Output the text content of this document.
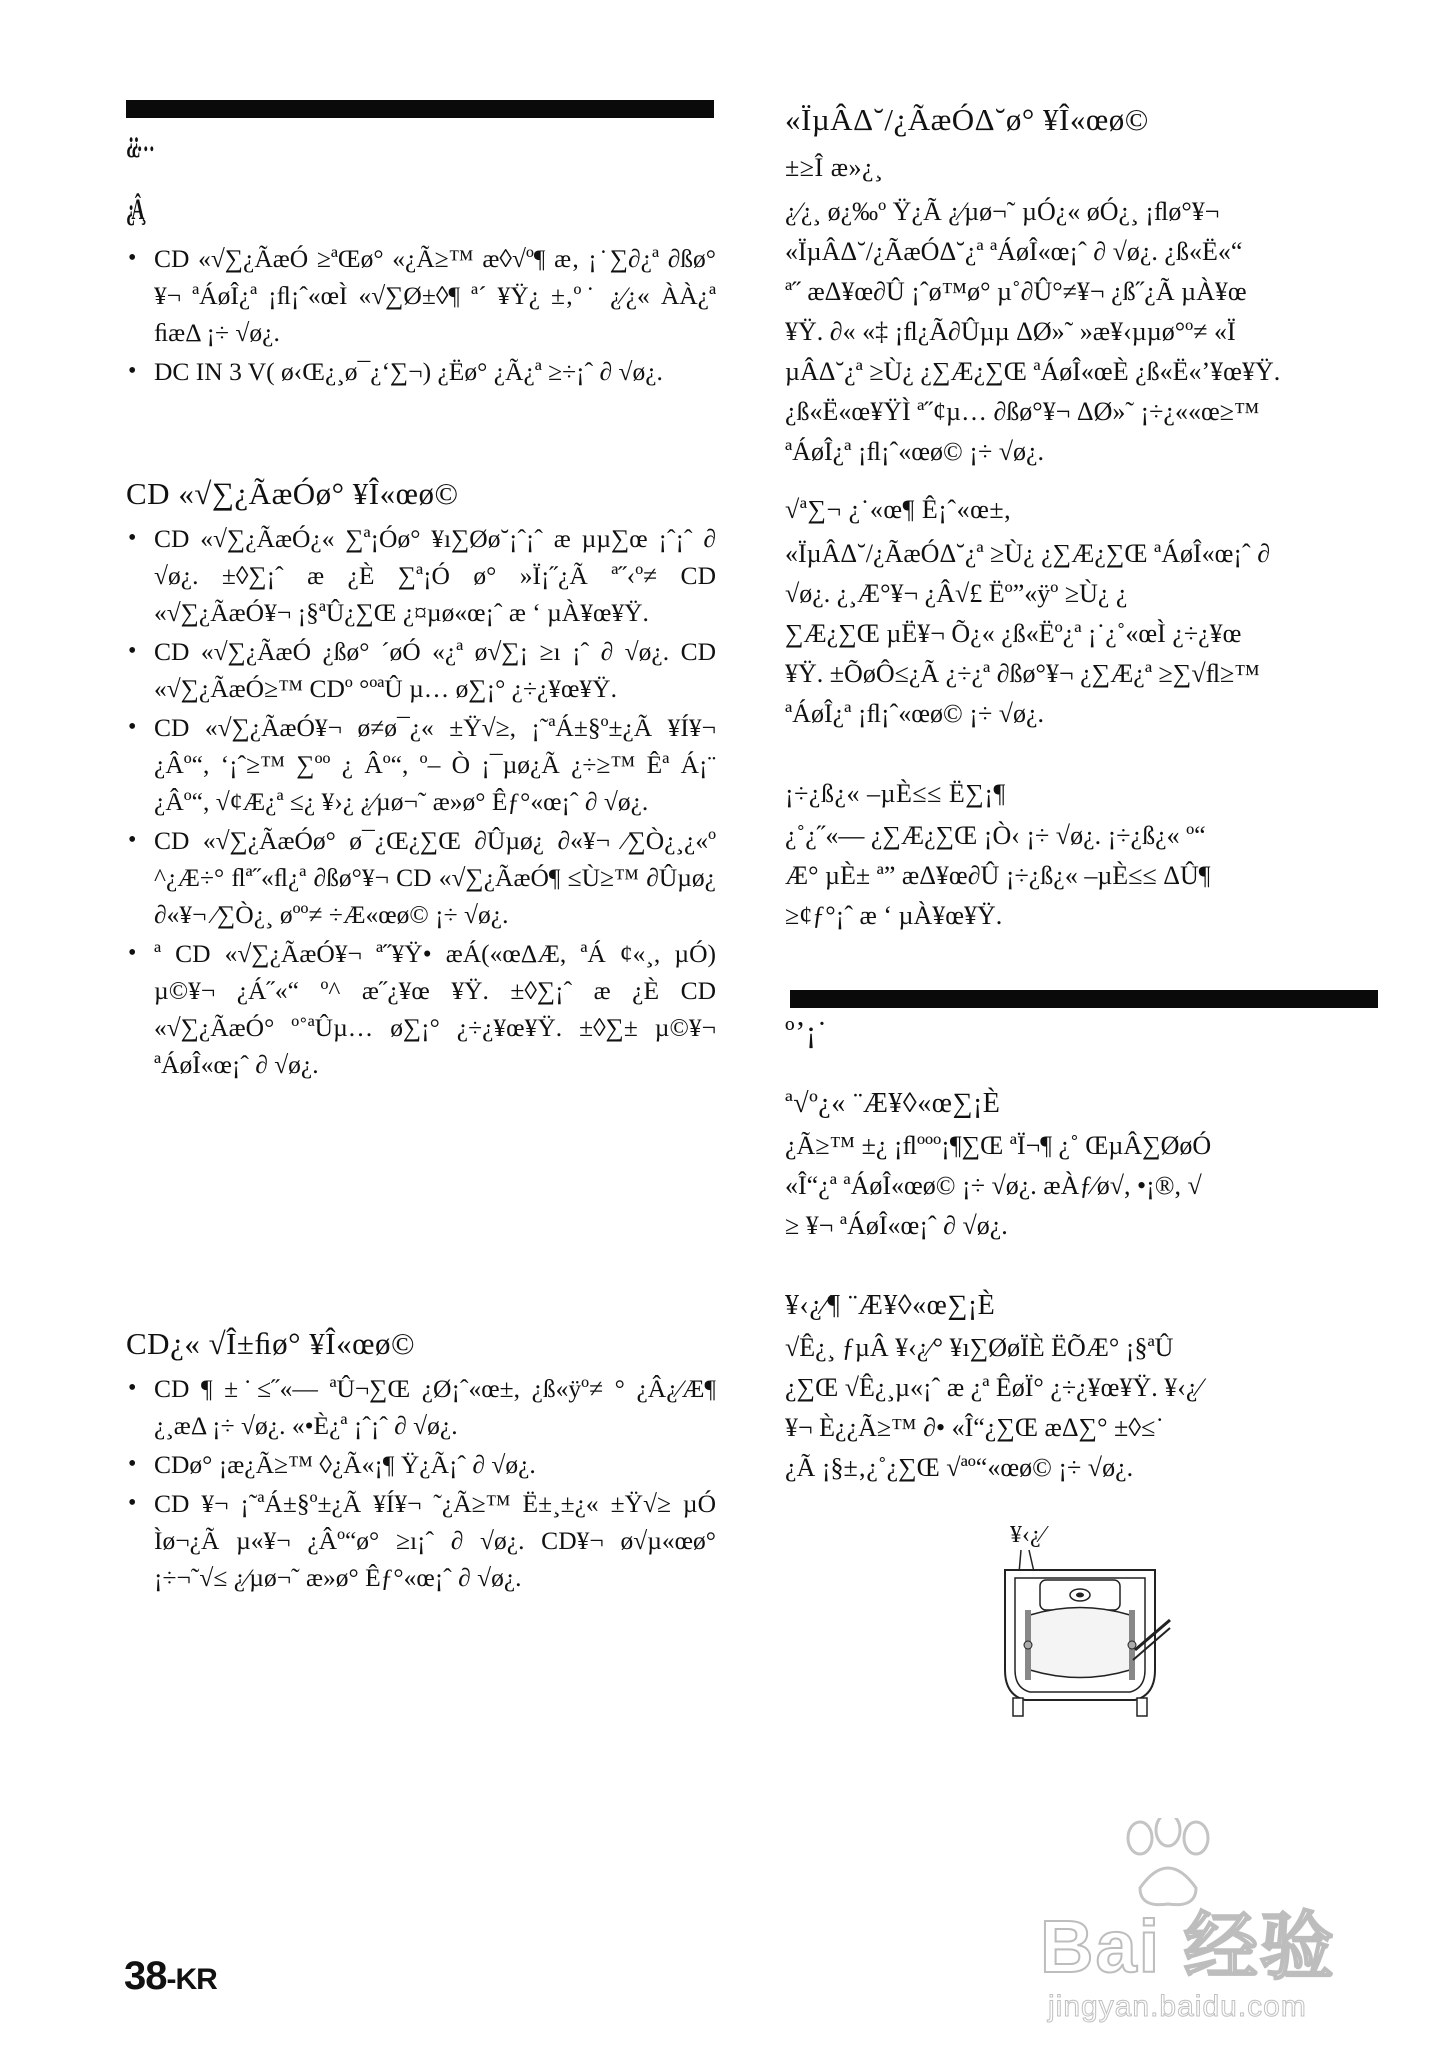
¿¿…
¿Â¸
• CD «√∑¿ÃæÓ ≥ªŒø° «¿Ã≥™ æ◊√º¶ æ‚ ¡˙∑∂¿ª ∂ßø°¥¬ ªÁøÎ¿ª ¡ﬂ¡ˆ«œÌ «√∑Ø±◊¶ ª´ ¥Ÿ¿ ±‚º˙ ¿⁄¿« ÀÀ¿ª ﬁæΔ ¡÷ √ø¿.
• DC IN 3 V( ø‹Œ¿¸ø¯¿‘∑¬) ¿Ëø° ¿Ã¿ª ≥÷¡ˆ ∂ √ø¿.
CD «√∑¿ÃæÓø° ¥Î«œø©
• CD «√∑¿ÃæÓ¿« ∑ª¡Óø° ¥ı∑Øø˘¡ˆ¡ˆ æ µµ∑œ ¡ˆ¡ˆ ∂ √ø¿. ±◊∑¡ˆ æ ¿È ∑ª¡Ó ø° »Ï¡˝¿Ã ª˝‹º≠ CD «√∑¿ÃæÓ¥¬ ¡§ªÛ¿∑Œ ¿¤µø«œ¡ˆ æ ‘ µÀ¥œ¥Ÿ.
• CD «√∑¿ÃæÓ ¿ßø° ´øÓ «¿ª ø√∑¡ ≥ı ¡ˆ ∂ √ø¿. CD «√∑¿ÃæÓ≥™ CDº °ºªÛ µ… ø∑¡° ¿÷¿¥œ¥Ÿ.
• CD «√∑¿ÃæÓ¥¬ ø≠ø¯¿« ±Ÿ√≥, ¡˜ªÁ±§º±¿Ã ¥Í¥¬ ¿Âº“, ‘¡ˆ≥™ ∑ºº ¿ Âº“, º– Ò ¡¯µø¿Ã ¿÷≥™ Êª Á¡¨ ¿Âº“, √¢Æ¿ª ≤¿ ¥›¿ ¿⁄µø¬˜ æ»ø° Êƒ°«œ¡ˆ ∂ √ø¿.
• CD «√∑¿ÃæÓø° ø¯¿Œ¿∑Œ ∂Ûµø¿ ∂«¥¬ ⁄∑Ò¿¸¿«º ^¿Æ÷° ﬂª˝«ﬂ¿ª ∂ßø°¥¬ CD «√∑¿ÃæÓ¶ ≤Ù≥™ ∂Ûµø¿ ∂«¥¬ ⁄∑Ò¿¸ øºº≠ ÷Æ«œø© ¡÷ √ø¿.
• ª CD «√∑¿ÃæÓ¥¬ ª˝¥Ÿ• æÁ(«œΔÆ, ªÁ ¢«¸, µÓ) µ©¥¬ ¿Á˝«“ º^ æ˝¿¥œ ¥Ÿ. ±◊∑¡ˆ æ ¿È CD «√∑¿ÃæÓ° º˚ªÛµ… ø∑¡° ¿÷¿¥œ¥Ÿ. ±◊∑± µ©¥¬ ªÁøÎ«œ¡ˆ ∂ √ø¿.
CD¿« √Î±ﬁø° ¥Î«œø©
• CD ¶ ±˙≤˝«— ªÛ¬∑Œ ¿Ø¡ˆ«œ±, ¿ß«ÿº≠ ° ¿Â¿⁄Æ¶ ¿¸æΔ ¡÷ √ø¿. «•È¿ª ¡ˆ¡ˆ ∂ √ø¿.
• CDø° ¡æ¿Ã≥™ ◊¿Ã«¡¶ Ÿ¿Ã¡ˆ ∂ √ø¿.
• CD ¥¬ ¡˜ªÁ±§º±¿Ã ¥Í¥¬ ˜¿Ã≥™ Ë±¸±¿« ±Ÿ√≥ µÓ Ìø¬¿Ã µ«¥¬ ¿Âº“ø° ≥ı¡ˆ ∂ √ø¿. CD¥¬ ø√µ«œø° ¡÷¬˜√≤ ¿⁄µø¬˜ æ»ø° Êƒ°«œ¡ˆ ∂ √ø¿.
«ÏµÂΔ˘/¿ÃæÓΔ˘ø° ¥Î«œø©
±≥Î æ»¿¸
¿⁄¿¸ ø¿‰º Ÿ¿Ã ¿⁄µø¬˜ µÓ¿« øÓ¿¸ ¡ﬂø°¥¬
«ÏµÂΔ˘/¿ÃæÓΔ˘¿ª ªÁøÎ«œ¡ˆ ∂ √ø¿. ¿ß«Ë«“
ª˝ æΔ¥œ∂Û ¡ˆø™ø° µ˚∂Û°≠¥¬ ¿ß˝¿Ã µÀ¥œ
¥Ÿ. ∂« «‡ ¡ﬂ¿Ã∂Ûµµ ΔØ»˜ »æ¥‹µµø°º≠ «Ï
µÂΔ˘¿ª ≥Ù¿ ¿∑Æ¿∑Œ ªÁøÎ«œÈ ¿ß«Ë«’¥œ¥Ÿ.
¿ß«Ë«œ¥ŸÌ ª˝¢µ… ∂ßø°¥¬ ΔØ»˜ ¡÷¿««œ≥™
ªÁøÎ¿ª ¡ﬂ¡ˆ«œø© ¡÷ √ø¿.
√ª∑¬ ¿˙«œ¶ Ê¡ˆ«œ±,
«ÏµÂΔ˘/¿ÃæÓΔ˘¿ª ≥Ù¿ ¿∑Æ¿∑Œ ªÁøÎ«œ¡ˆ ∂
√ø¿. ¿¸Æ°¥¬ ¿Â√£ Ëº”«ÿº ≥Ù¿ ¿
∑Æ¿∑Œ µË¥¬ Õ¿« ¿ß«Ëº¿ª ¡˙¿˚«œÌ ¿÷¿¥œ
¥Ÿ. ±ÕøÔ≤¿Ã ¿÷¿ª ∂ßø°¥¬ ¿∑Æ¿ª ≥∑√ﬂ≥™
ªÁøÎ¿ª ¡ﬂ¡ˆ«œø© ¡÷ √ø¿.
¡÷¿ß¿« –µÈ≤≤ Ë∑¡¶
¿˚¿˝«— ¿∑Æ¿∑Œ ¡Ò‹ ¡÷ √ø¿. ¡÷¿ß¿« º“
Æ° µÈ± ª” æΔ¥œ∂Û ¡÷¿ß¿« –µÈ≤≤ ΔÛ¶
≥¢ƒ°¡ˆ æ ‘ µÀ¥œ¥Ÿ.
º’¡˙
ª√º¿« ¨Æ¥◊«œ∑¡È
¿Ã≥™ ±¿ ¡ﬂººº¡¶∑Œ ªÏ¬¶ ¿˚ ŒµÂ∑ØøÓ
«Î“¿ª ªÁøÎ«œø© ¡÷ √ø¿. æÀƒ⁄ø√, •¡®, √
≥ ¥¬ ªÁøÎ«œ¡ˆ ∂ √ø¿.
¥‹¿⁄¶ ¨Æ¥◊«œ∑¡È
√Ê¿¸ ƒµÂ ¥‹¿⁄° ¥ı∑ØøÏÈ ËÕÆ° ¡§ªÛ
¿∑Œ √Ê¿¸µ«¡ˆ æ ¿ª ÊøÏ° ¿÷¿¥œ¥Ÿ. ¥‹¿⁄
¥¬ È¿¿Ã≥™ ∂• «Î“¿∑Œ æΔ∑° ±◊≤˙
¿Ã ¡§±‚¿˚¿∑Œ √ªº“«œø© ¡÷ √ø¿.
¥‹¿⁄
38-KR	Bai 经验
jingyan.baidu.com
